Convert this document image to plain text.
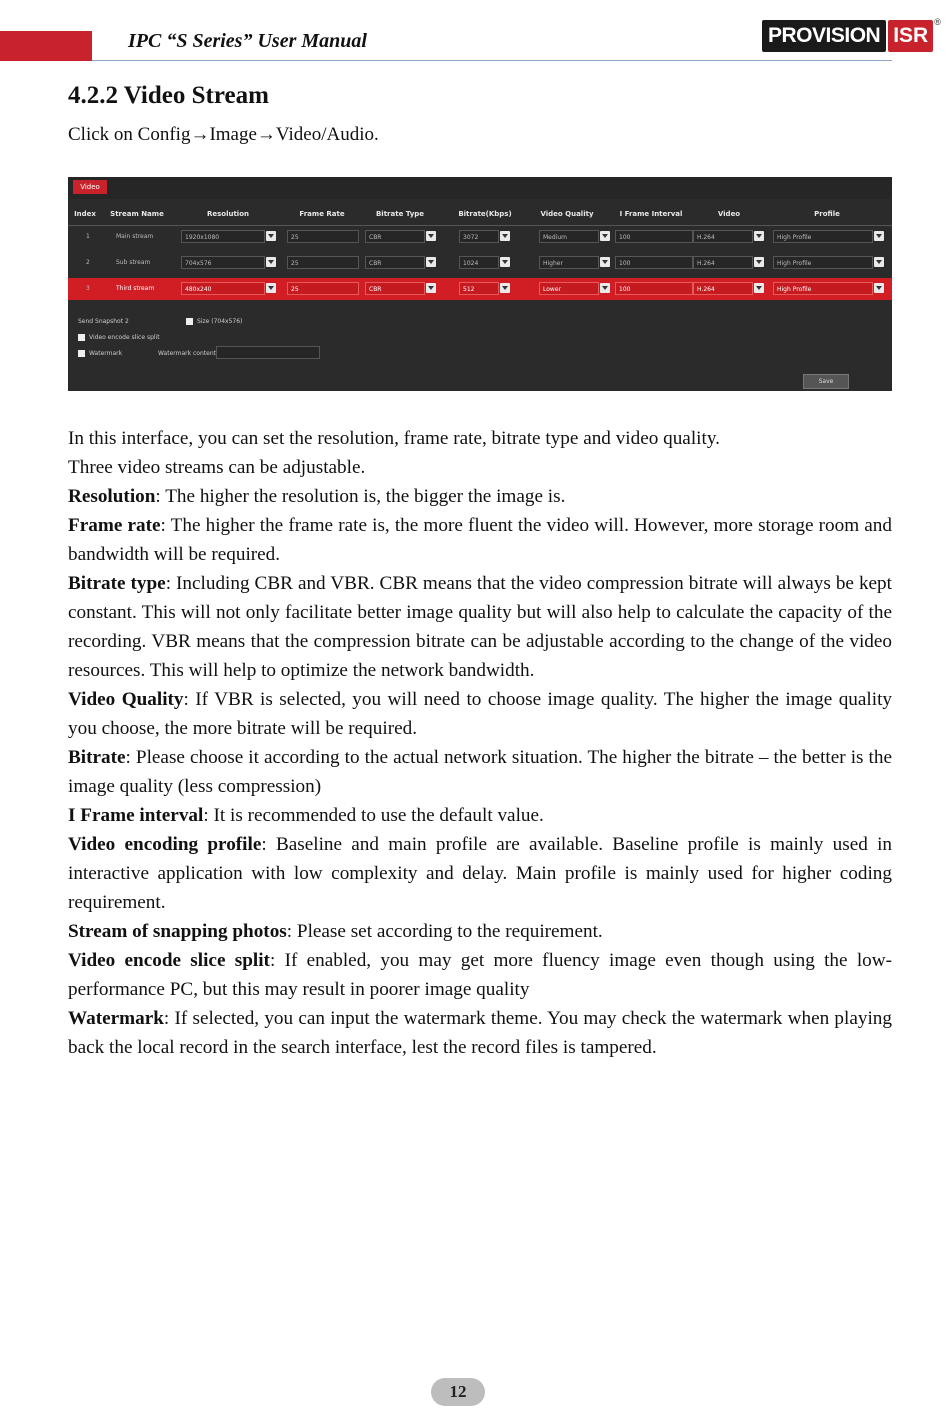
IPC “S Series” User Manual	PROVISION ISR
®
4.2.2 Video Stream
Click on Config→Image→Video/Audio.
Video
Index	Stream Name	Resolution	Frame Rate	Bitrate Type	Bitrate(Kbps)	Video Quality	I Frame Interval	Video	Profile
1	Main stream	1920x1080	25	CBR	3072	Medium	100	H.264	High Profile
2	Sub stream	704x576	25	CBR	1024	Higher	100	H.264	High Profile
3	Third stream	480x240	25	CBR	512	Lower	100	H.264	High Profile
Send Snapshot 2	Size (704x576)
Video encode slice split
Watermark	Watermark content
Save

In this interface, you can set the resolution, frame rate, bitrate type and video quality.

Three video streams can be adjustable.

Resolution: The higher the resolution is, the bigger the image is.

Frame rate: The higher the frame rate is, the more fluent the video will. However, more storage room and bandwidth will be required.

Bitrate type: Including CBR and VBR. CBR means that the video compression bitrate will always be kept constant. This will not only facilitate better image quality but will also help to calculate the capacity of the recording. VBR means that the compression bitrate can be adjustable according to the change of the video resources. This will help to optimize the network bandwidth.

Video Quality: If VBR is selected, you will need to choose image quality. The higher the image quality you choose, the more bitrate will be required.

Bitrate: Please choose it according to the actual network situation. The higher the bitrate – the better is the image quality (less compression)

I Frame interval: It is recommended to use the default value.

Video encoding profile: Baseline and main profile are available. Baseline profile is mainly used in interactive application with low complexity and delay. Main profile is mainly used for higher coding requirement.

Stream of snapping photos: Please set according to the requirement.

Video encode slice split: If enabled, you may get more fluency image even though using the low-performance PC, but this may result in poorer image quality

Watermark: If selected, you can input the watermark theme. You may check the watermark when playing back the local record in the search interface, lest the record files is tampered.

12
